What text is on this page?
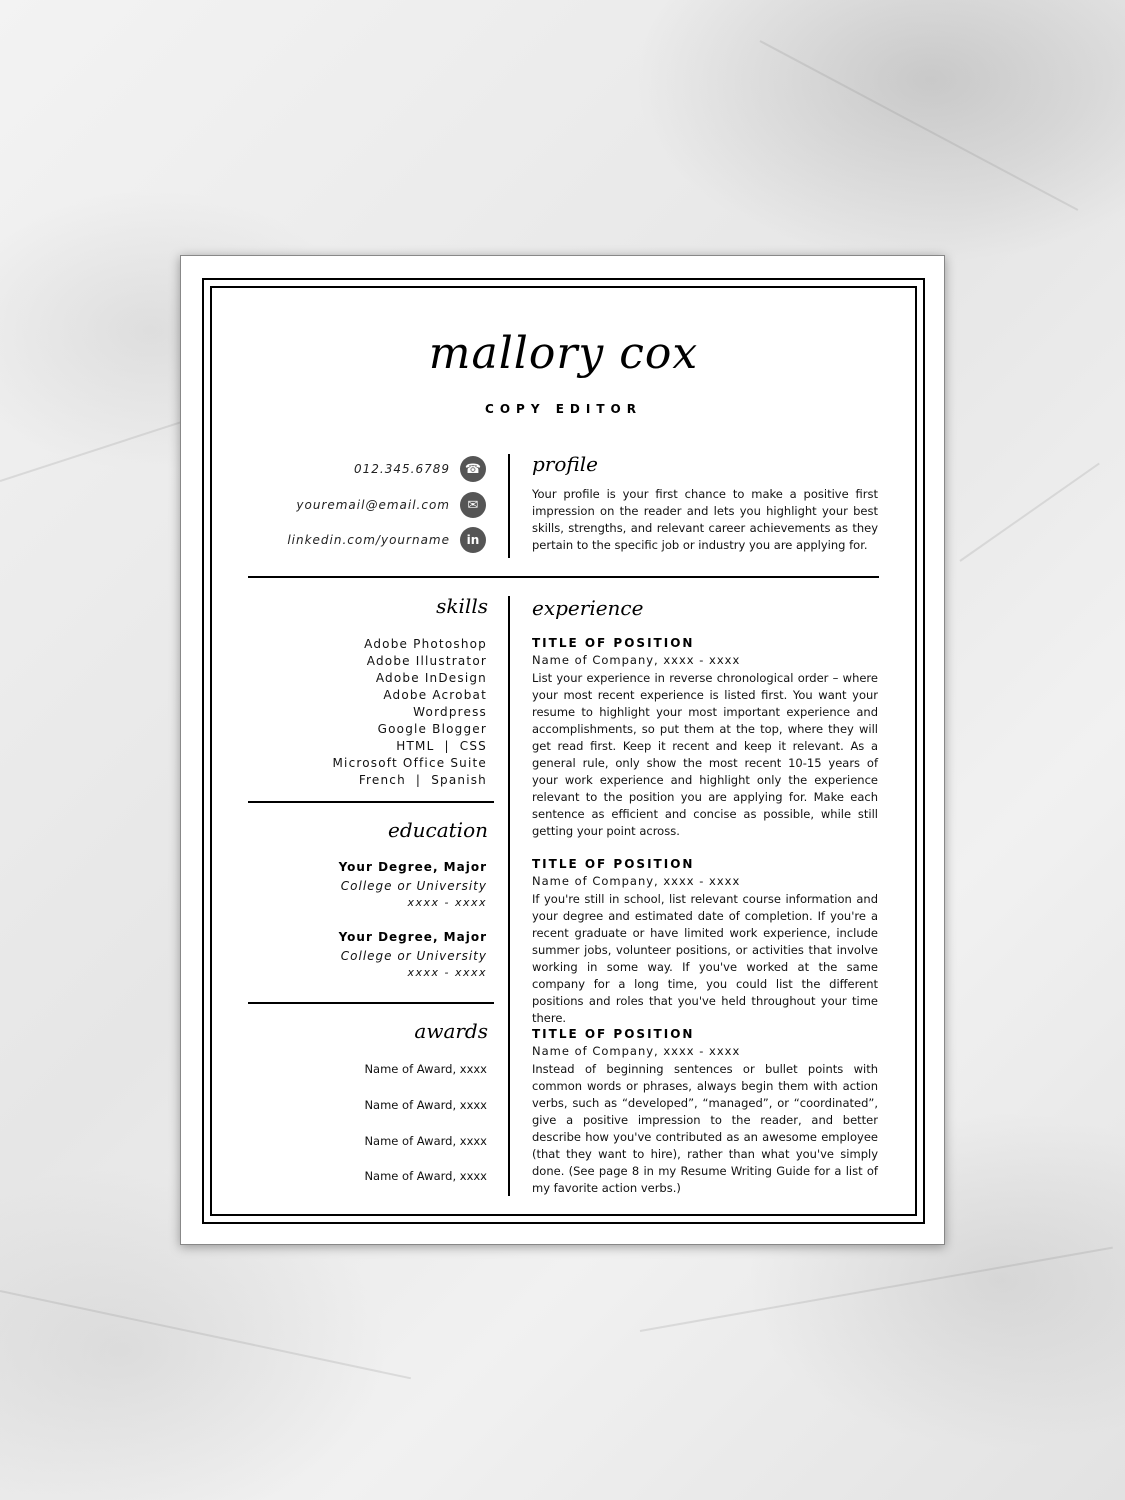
mallory cox
COPY EDITOR
012.345.6789	☎
youremail@email.com	✉
linkedin.com/yourname	in
profile
Your profile is your first chance to make a positive first impression on the reader and lets you highlight your best skills, strengths, and relevant career achievements as they pertain to the specific job or industry you are applying for.
skills
Adobe Photoshop
Adobe Illustrator
Adobe InDesign
Adobe Acrobat
Wordpress
Google Blogger
HTML  |  CSS
Microsoft Office Suite
French  |  Spanish
education
Your Degree, Major
College or University
xxxx - xxxx
Your Degree, Major
College or University
xxxx - xxxx
awards
Name of Award, xxxx
Name of Award, xxxx
Name of Award, xxxx
Name of Award, xxxx
experience
TITLE OF POSITION
Name of Company, xxxx - xxxx
List your experience in reverse chronological order – where your most recent experience is listed first. You want your resume to highlight your most important experience and accomplishments, so put them at the top, where they will get read first. Keep it recent and keep it relevant. As a general rule, only show the most recent 10-15 years of your work experience and highlight only the experience relevant to the position you are applying for. Make each sentence as efficient and concise as possible, while still getting your point across.
TITLE OF POSITION
Name of Company, xxxx - xxxx
If you're still in school, list relevant course information and your degree and estimated date of completion. If you're a recent graduate or have limited work experience, include summer jobs, volunteer positions, or activities that involve working in some way. If you've worked at the same company for a long time, you could list the different positions and roles that you've held throughout your time there.
TITLE OF POSITION
Name of Company, xxxx - xxxx
Instead of beginning sentences or bullet points with common words or phrases, always begin them with action verbs, such as “developed”, “managed”, or “coordinated”, give a positive impression to the reader, and better describe how you've contributed as an awesome employee (that they want to hire), rather than what you've simply done. (See page 8 in my Resume Writing Guide for a list of my favorite action verbs.)
